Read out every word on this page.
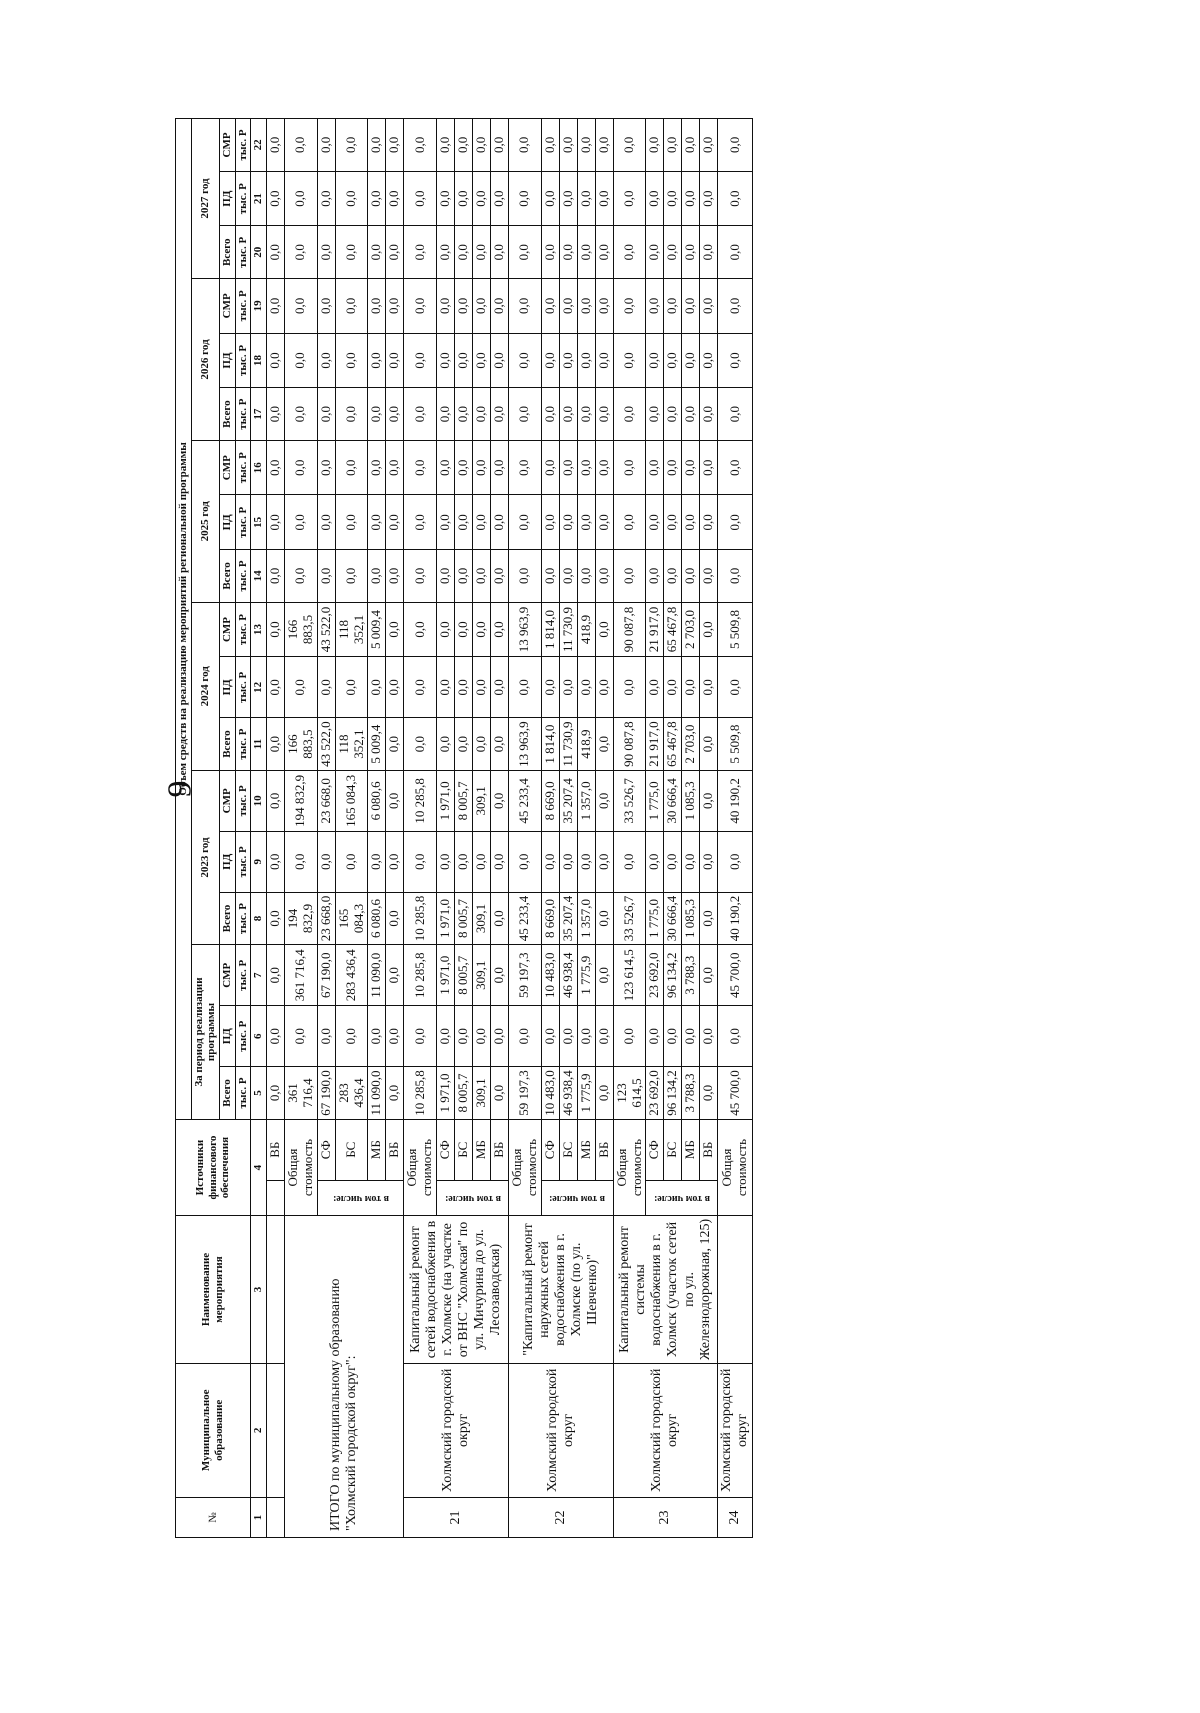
9
№	Муниципальное образование	Наименование мероприятия	Источники финансового обеспечения		Объем средств на реализацию мероприятий региональной программы																	
					За период реализации программы			2023 год			2024 год			2025 год			2026 год			2027 год		
					Всего	ПД	СМР	Всего	ПД	СМР	Всего	ПД	СМР	Всего	ПД	СМР	Всего	ПД	СМР	Всего	ПД	СМР
					тыс. Р	тыс. Р	тыс. Р	тыс. Р	тыс. Р	тыс. Р	тыс. Р	тыс. Р	тыс. Р	тыс. Р	тыс. Р	тыс. Р	тыс. Р	тыс. Р	тыс. Р	тыс. Р	тыс. Р	тыс. Р
1	2	3	4		5	6	7	8	9	10	11	12	13	14	15	16	17	18	19	20	21	22
				ВБ	0,0	0,0	0,0	0,0	0,0	0,0	0,0	0,0	0,0	0,0	0,0	0,0	0,0	0,0	0,0	0,0	0,0	0,0
ИТОГО по муниципальному образованию "Холмский городской округ":			Общая стоимость		361 716,4	0,0	361 716,4	194 832,9	0,0	194 832,9	166 883,5	0,0	166 883,5	0,0	0,0	0,0	0,0	0,0	0,0	0,0	0,0	0,0

			в том числе:	СФ	67 190,0	0,0	67 190,0	23 668,0	0,0	23 668,0	43 522,0	0,0	43 522,0	0,0	0,0	0,0	0,0	0,0	0,0	0,0	0,0	0,0
				БС	283 436,4	0,0	283 436,4	165 084,3	0,0	165 084,3	118 352,1	0,0	118 352,1	0,0	0,0	0,0	0,0	0,0	0,0	0,0	0,0	0,0
				МБ	11 090,0	0,0	11 090,0	6 080,6	0,0	6 080,6	5 009,4	0,0	5 009,4	0,0	0,0	0,0	0,0	0,0	0,0	0,0	0,0	0,0
				ВБ	0,0	0,0	0,0	0,0	0,0	0,0	0,0	0,0	0,0	0,0	0,0	0,0	0,0	0,0	0,0	0,0	0,0	0,0
21	Холмский городской округ	Капитальный ремонт сетей водоснабжения в г. Холмске (на участке от ВНС "Холмская" по ул. Мичурина до ул. Лесозаводская)	Общая стоимость		10 285,8	0,0	10 285,8	10 285,8	0,0	10 285,8	0,0	0,0	0,0	0,0	0,0	0,0	0,0	0,0	0,0	0,0	0,0	0,0

			в том числе:	СФ	1 971,0	0,0	1 971,0	1 971,0	0,0	1 971,0	0,0	0,0	0,0	0,0	0,0	0,0	0,0	0,0	0,0	0,0	0,0	0,0
				БС	8 005,7	0,0	8 005,7	8 005,7	0,0	8 005,7	0,0	0,0	0,0	0,0	0,0	0,0	0,0	0,0	0,0	0,0	0,0	0,0
				МБ	309,1	0,0	309,1	309,1	0,0	309,1	0,0	0,0	0,0	0,0	0,0	0,0	0,0	0,0	0,0	0,0	0,0	0,0
				ВБ	0,0	0,0	0,0	0,0	0,0	0,0	0,0	0,0	0,0	0,0	0,0	0,0	0,0	0,0	0,0	0,0	0,0	0,0
22	Холмский городской округ	"Капитальный ремонт наружных сетей водоснабжения в г. Холмске (по ул. Шевченко)"	Общая стоимость		59 197,3	0,0	59 197,3	45 233,4	0,0	45 233,4	13 963,9	0,0	13 963,9	0,0	0,0	0,0	0,0	0,0	0,0	0,0	0,0	0,0

			в том числе:	СФ	10 483,0	0,0	10 483,0	8 669,0	0,0	8 669,0	1 814,0	0,0	1 814,0	0,0	0,0	0,0	0,0	0,0	0,0	0,0	0,0	0,0
				БС	46 938,4	0,0	46 938,4	35 207,4	0,0	35 207,4	11 730,9	0,0	11 730,9	0,0	0,0	0,0	0,0	0,0	0,0	0,0	0,0	0,0
				МБ	1 775,9	0,0	1 775,9	1 357,0	0,0	1 357,0	418,9	0,0	418,9	0,0	0,0	0,0	0,0	0,0	0,0	0,0	0,0	0,0
				ВБ	0,0	0,0	0,0	0,0	0,0	0,0	0,0	0,0	0,0	0,0	0,0	0,0	0,0	0,0	0,0	0,0	0,0	0,0
23	Холмский городской округ	Капитальный ремонт системы водоснабжения в г. Холмск (участок сетей по ул. Железнодорожная, 125)	Общая стоимость		123 614,5	0,0	123 614,5	33 526,7	0,0	33 526,7	90 087,8	0,0	90 087,8	0,0	0,0	0,0	0,0	0,0	0,0	0,0	0,0	0,0

			в том числе:	СФ	23 692,0	0,0	23 692,0	1 775,0	0,0	1 775,0	21 917,0	0,0	21 917,0	0,0	0,0	0,0	0,0	0,0	0,0	0,0	0,0	0,0
				БС	96 134,2	0,0	96 134,2	30 666,4	0,0	30 666,4	65 467,8	0,0	65 467,8	0,0	0,0	0,0	0,0	0,0	0,0	0,0	0,0	0,0
				МБ	3 788,3	0,0	3 788,3	1 085,3	0,0	1 085,3	2 703,0	0,0	2 703,0	0,0	0,0	0,0	0,0	0,0	0,0	0,0	0,0	0,0
				ВБ	0,0	0,0	0,0	0,0	0,0	0,0	0,0	0,0	0,0	0,0	0,0	0,0	0,0	0,0	0,0	0,0	0,0	0,0
24	Холмский городской округ		Общая стоимость		45 700,0	0,0	45 700,0	40 190,2	0,0	40 190,2	5 509,8	0,0	5 509,8	0,0	0,0	0,0	0,0	0,0	0,0	0,0	0,0	0,0
